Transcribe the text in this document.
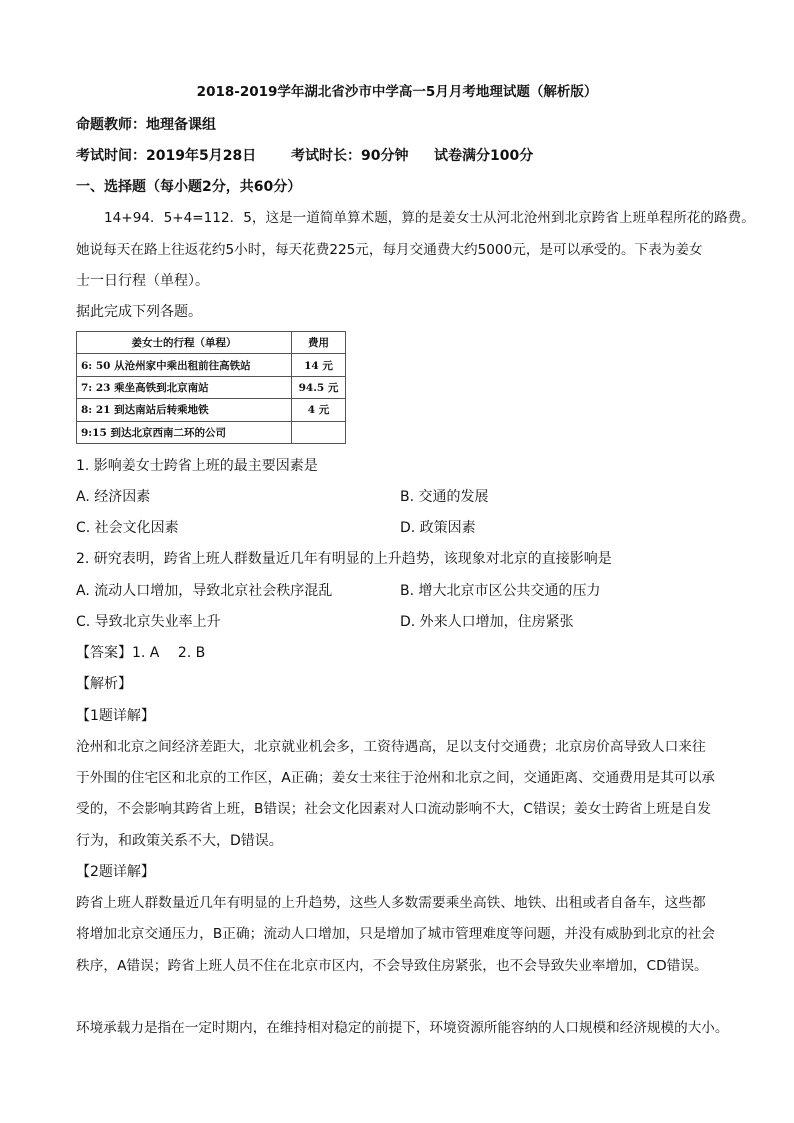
2018-2019学年湖北省沙市中学高一5月月考地理试题（解析版）
命题教师：地理备课组
考试时间：2019年5月28日 考试时长：90分钟 试卷满分100分
一、选择题（每小题2分，共60分）
14+94．5+4=112．5，这是一道简单算术题，算的是姜女士从河北沧州到北京跨省上班单程所花的路费。
她说每天在路上往返花约5小时，每天花费225元，每月交通费大约5000元，是可以承受的。下表为姜女
士一日行程（单程）。
据此完成下列各题。
姜女士的行程（单程）	费用
6: 50 从沧州家中乘出租前往高铁站	14 元
7: 23 乘坐高铁到北京南站	94.5 元
8: 21 到达南站后转乘地铁	4 元
9:15 到达北京西南二环的公司	
1. 影响姜女士跨省上班的最主要因素是
A. 经济因素	B. 交通的发展
C. 社会文化因素	D. 政策因素
2. 研究表明，跨省上班人群数量近几年有明显的上升趋势，该现象对北京的直接影响是
A. 流动人口增加，导致北京社会秩序混乱	B. 增大北京市区公共交通的压力
C. 导致北京失业率上升	D. 外来人口增加，住房紧张
【答案】1. A　 2. B
【解析】
【1题详解】
沧州和北京之间经济差距大，北京就业机会多，工资待遇高，足以支付交通费；北京房价高导致人口来往
于外围的住宅区和北京的工作区，A正确；姜女士来往于沧州和北京之间，交通距离、交通费用是其可以承
受的，不会影响其跨省上班，B错误；社会文化因素对人口流动影响不大，C错误；姜女士跨省上班是自发
行为，和政策关系不大，D错误。
【2题详解】
跨省上班人群数量近几年有明显的上升趋势，这些人多数需要乘坐高铁、地铁、出租或者自备车，这些都
将增加北京交通压力，B正确；流动人口增加，只是增加了城市管理难度等问题，并没有威胁到北京的社会
秩序，A错误；跨省上班人员不住在北京市区内，不会导致住房紧张，也不会导致失业率增加，CD错误。
环境承载力是指在一定时期内，在维持相对稳定的前提下，环境资源所能容纳的人口规模和经济规模的大小。
